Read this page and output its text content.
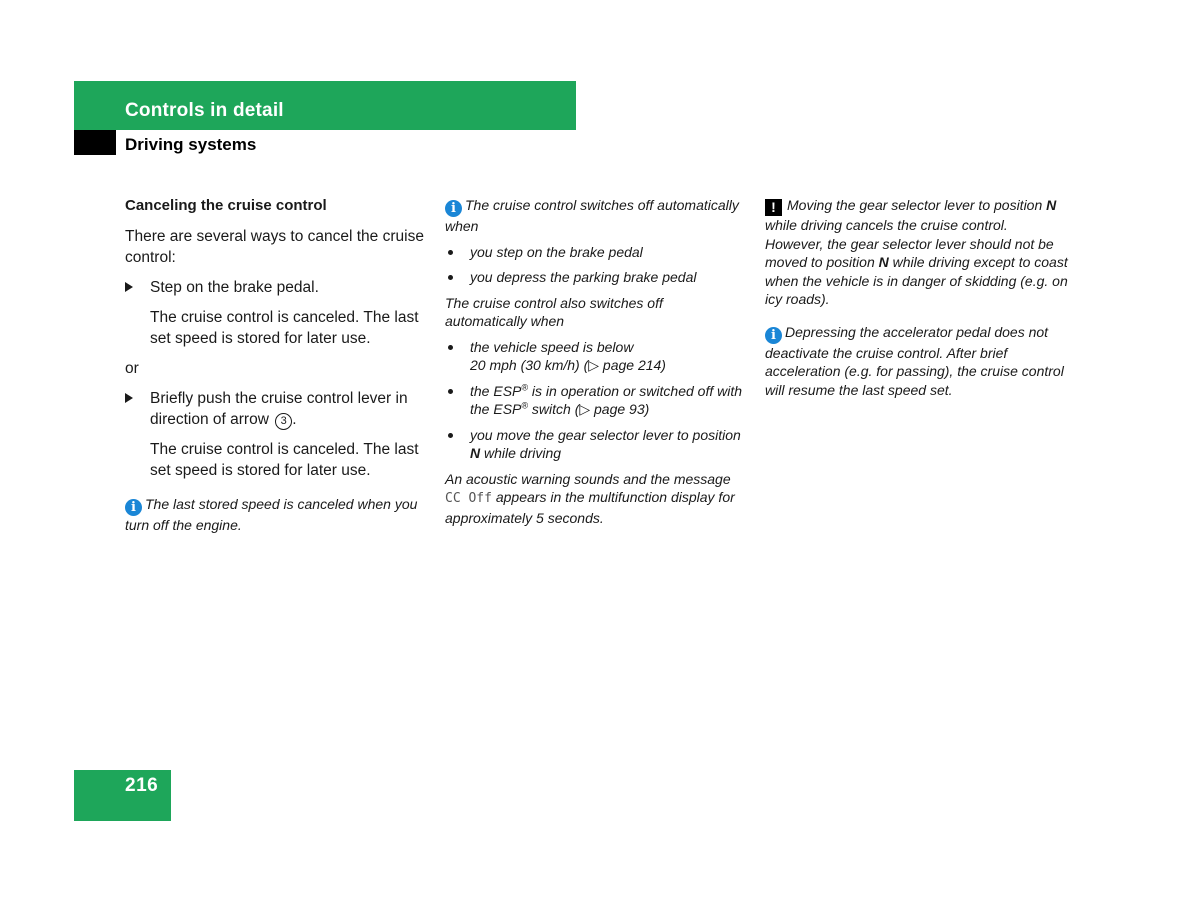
Controls in detail
Driving systems
Canceling the cruise control

There are several ways to cancel the cruise control:

Step on the brake pedal.

The cruise control is canceled. The last set speed is stored for later use.

or

Briefly push the cruise control lever in direction of arrow 3 .

The cruise control is canceled. The last set speed is stored for later use.

i The last stored speed is canceled when you turn off the engine.
i The cruise control switches off automatically when
you step on the brake pedal
you depress the parking brake pedal
The cruise control also switches off automatically when
the vehicle speed is below
20 mph (30 km/h) (▷ page 214)
the ESP® is in operation or switched off with the ESP® switch (▷ page 93)
you move the gear selector lever to position N while driving
An acoustic warning sounds and the message CC Off appears in the multifunction display for approximately 5 seconds.
! Moving the gear selector lever to position N while driving cancels the cruise control. However, the gear selector lever should not be moved to position N while driving except to coast when the vehicle is in danger of skidding (e.g. on icy roads).
i Depressing the accelerator pedal does not deactivate the cruise control. After brief acceleration (e.g. for passing), the cruise control will resume the last speed set.
216
